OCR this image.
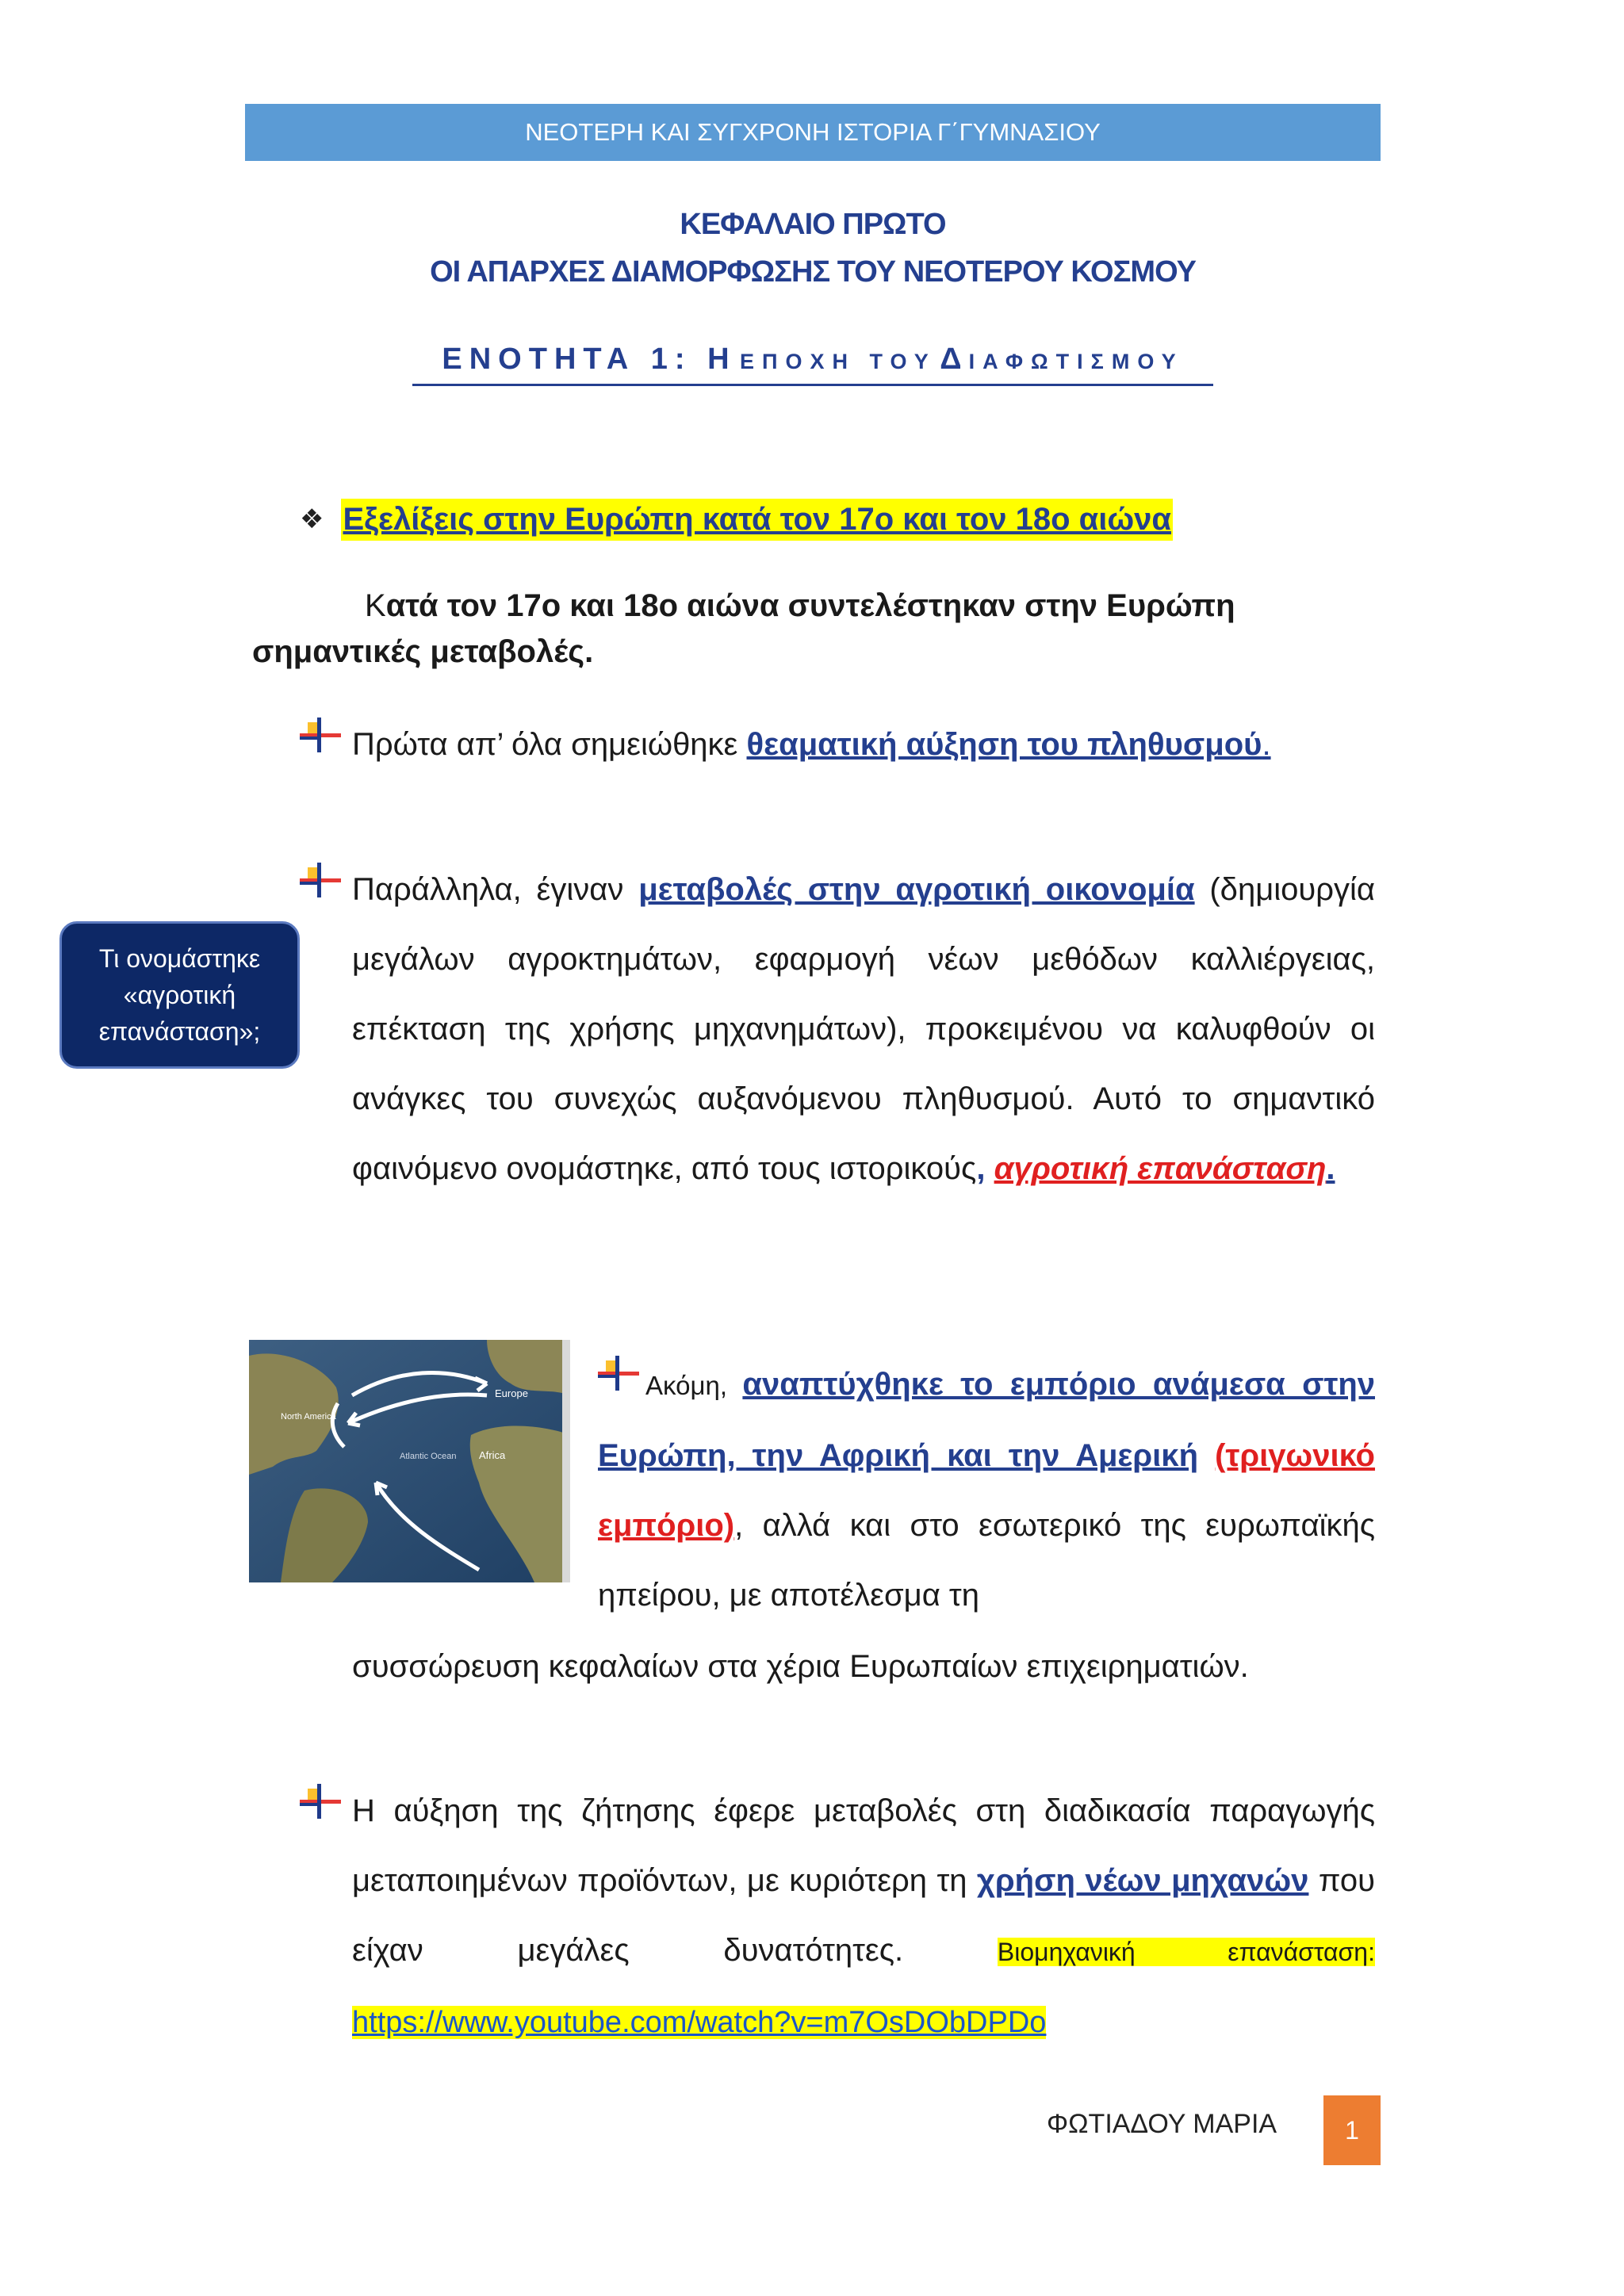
ΝΕΟΤΕΡΗ ΚΑΙ ΣΥΓΧΡΟΝΗ ΙΣΤΟΡΙΑ Γ΄ΓΥΜΝΑΣΙΟΥ
ΚΕΦΑΛΑΙΟ ΠΡΩΤΟ
ΟΙ ΑΠΑΡΧΕΣ ΔΙΑΜΟΡΦΩΣΗΣ ΤΟΥ ΝΕΟΤΕΡΟΥ ΚΟΣΜΟΥ
ΕΝΟΤΗΤΑ 1: Η ΕΠΟΧΗ ΤΟΥ ΔΙΑΦΩΤΙΣΜΟΥ
❖ Εξελίξεις στην Ευρώπη κατά τον 17ο και τον 18ο αιώνα
Κατά τον 17ο και 18ο αιώνα συντελέστηκαν στην Ευρώπη σημαντικές μεταβολές.
Πρώτα απ’ όλα σημειώθηκε θεαματική αύξηση του πληθυσμού.
Παράλληλα, έγιναν μεταβολές στην αγροτική οικονομία (δημιουργία μεγάλων αγροκτημάτων, εφαρμογή νέων μεθόδων καλλιέργειας, επέκταση της χρήσης μηχανημάτων), προκειμένου να καλυφθούν οι ανάγκες του συνεχώς αυξανόμενου πληθυσμού. Αυτό το σημαντικό φαινόμενο ονομάστηκε, από τους ιστορικούς, αγροτική επανάσταση.
Τι ονομάστηκε «αγροτική επανάσταση»;
Europe
North America
Africa
Atlantic Ocean
Ακόμη, αναπτύχθηκε το εμπόριο ανάμεσα στην Ευρώπη, την Αφρική και την Αμερική (τριγωνικό εμπόριο), αλλά και στο εσωτερικό της ευρωπαϊκής ηπείρου, με αποτέλεσμα τη
συσσώρευση κεφαλαίων στα χέρια Ευρωπαίων επιχειρηματιών.
Η αύξηση της ζήτησης έφερε μεταβολές στη διαδικασία παραγωγής μεταποιημένων προϊόντων, με κυριότερη τη χρήση νέων μηχανών που είχαν μεγάλες δυνατότητες. Βιομηχανική επανάσταση: https://www.youtube.com/watch?v=m7OsDObDPDo
ΦΩΤΙΑΔΟΥ ΜΑΡΙΑ	1
